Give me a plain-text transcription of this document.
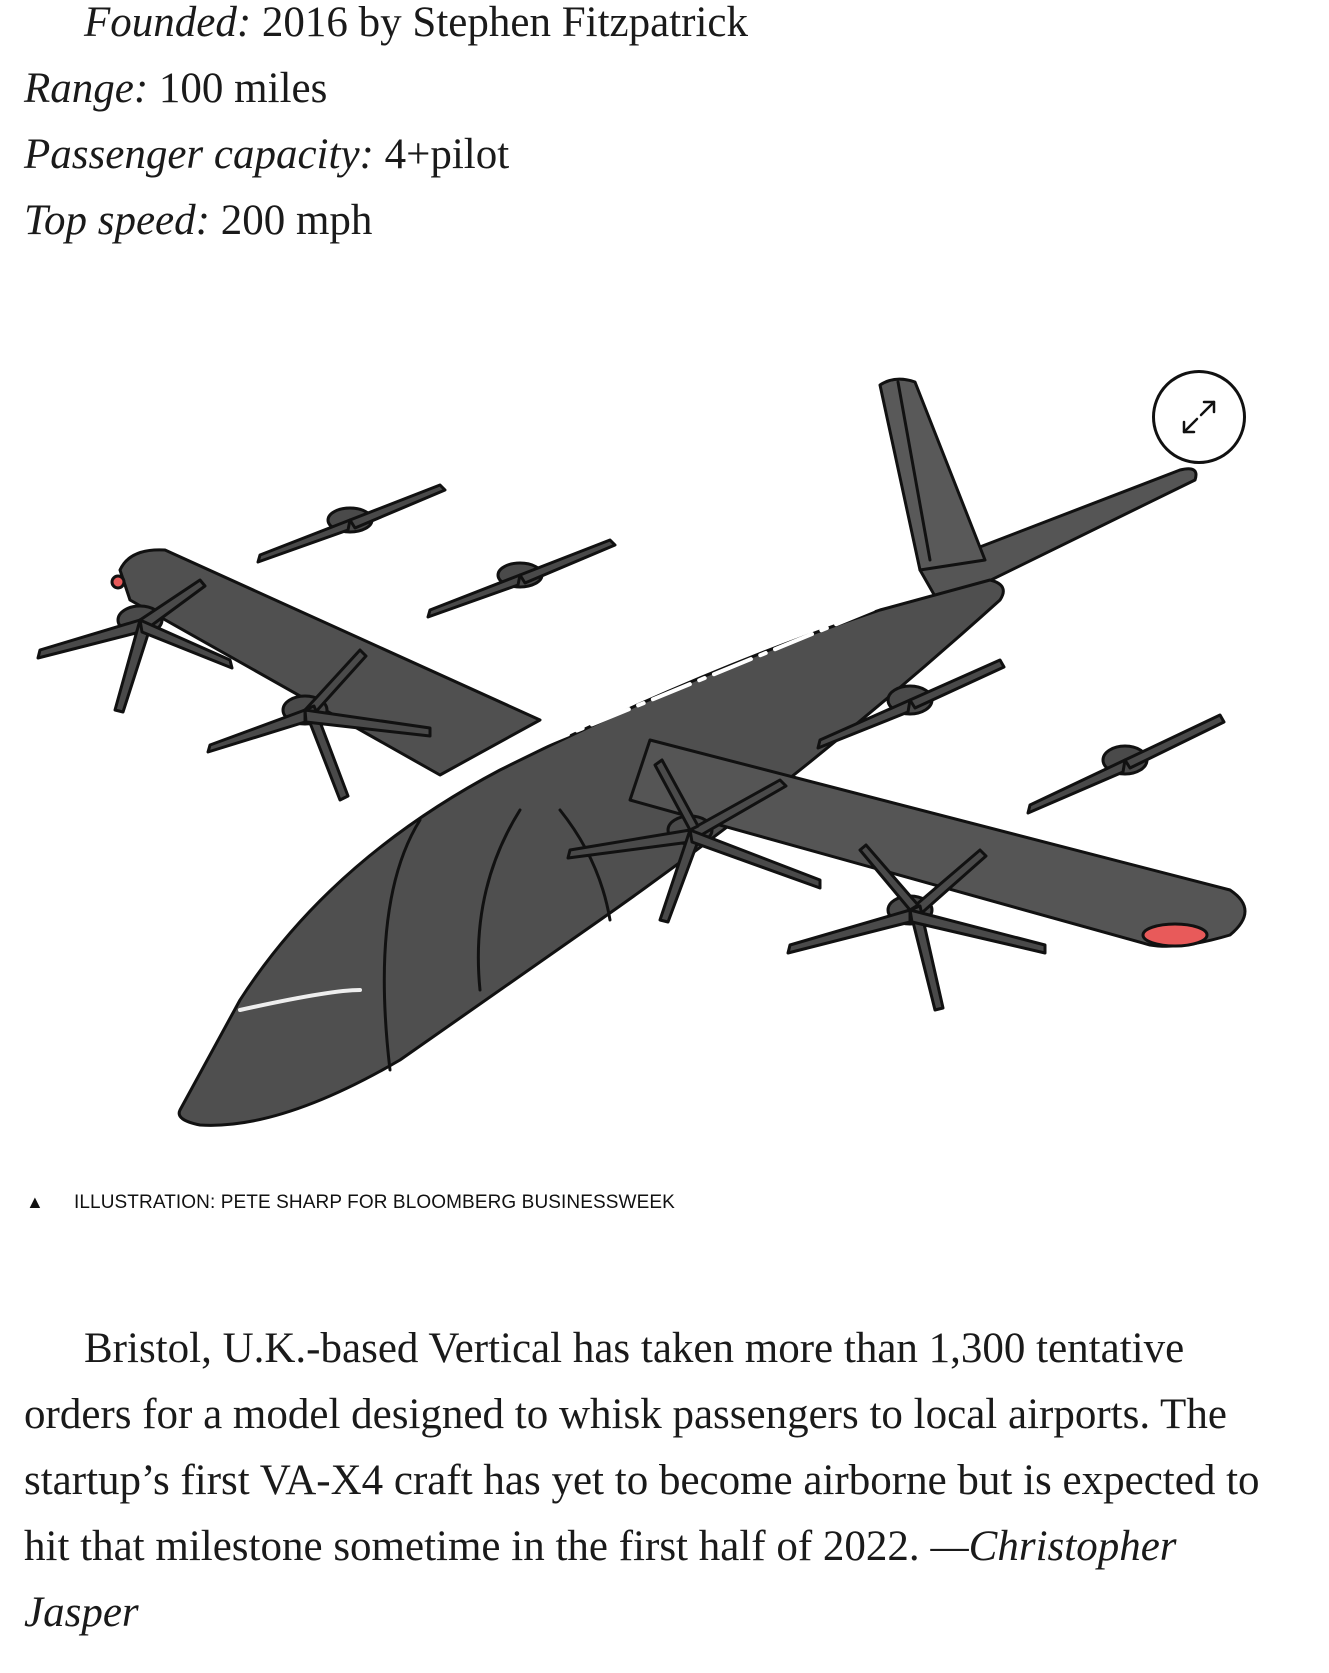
Founded: 2016 by Stephen Fitzpatrick
Range: 100 miles
Passenger capacity: 4+pilot
Top speed: 200 mph
▲ ILLUSTRATION: PETE SHARP FOR BLOOMBERG BUSINESSWEEK
Bristol, U.K.-based Vertical has taken more than 1,300 tentative orders for a model designed to whisk passengers to local airports. The startup’s first VA-X4 craft has yet to become airborne but is expected to hit that milestone sometime in the first half of 2022. —Christopher Jasper
